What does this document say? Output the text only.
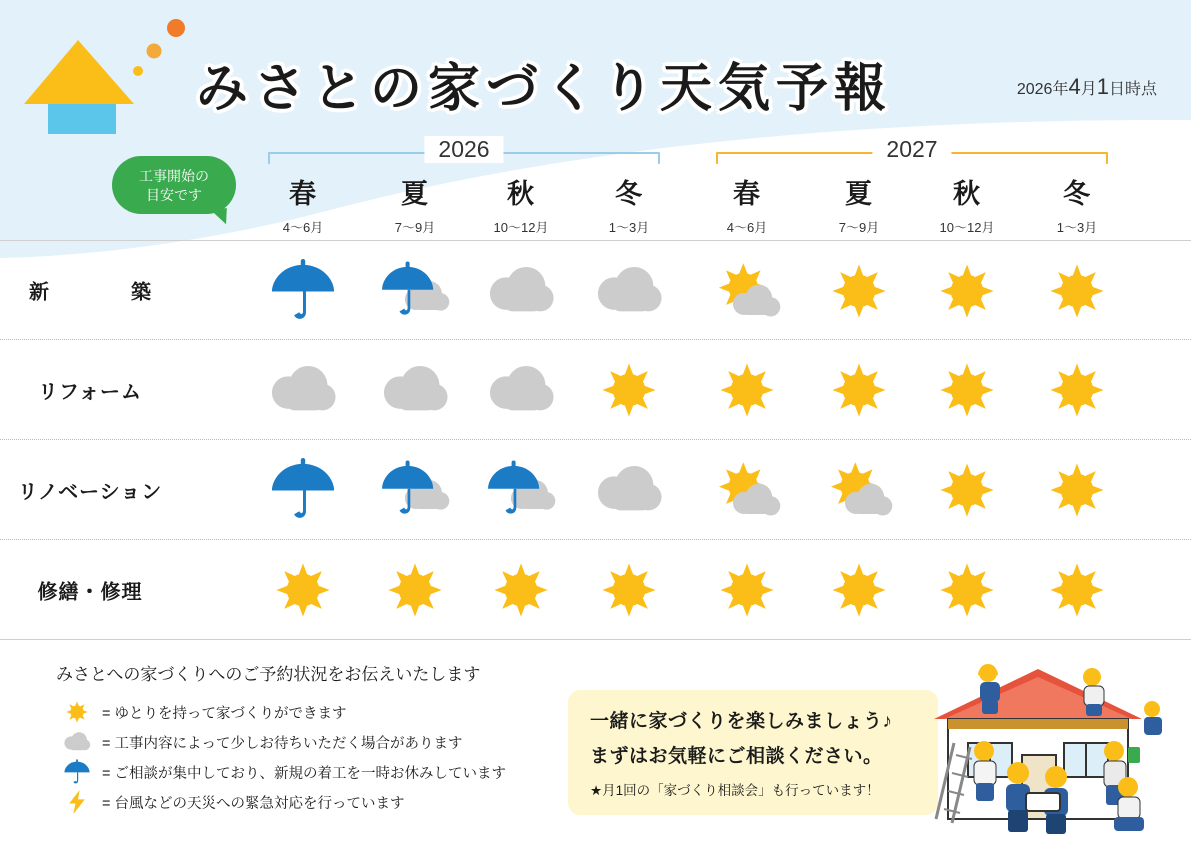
みさとの家づくり天気予報	2026年4月1日時点
2026	2027
春
4〜6月
夏
7〜9月
秋
10〜12月
冬
1〜3月
春
4〜6月
夏
7〜9月
秋
10〜12月
冬
1〜3月
工事開始の
目安です
新　　築
リフォーム
リノベーション
修繕・修理
みさとへの家づくりへのご予約状況をお伝えいたします
= ゆとりを持って家づくりができます
= 工事内容によって少しお待ちいただく場合があります
= ご相談が集中しており、新規の着工を一時お休みしています
= 台風などの天災への緊急対応を行っています
一緒に家づくりを楽しみましょう♪
まずはお気軽にご相談ください。
★月1回の「家づくり相談会」も行っています！
